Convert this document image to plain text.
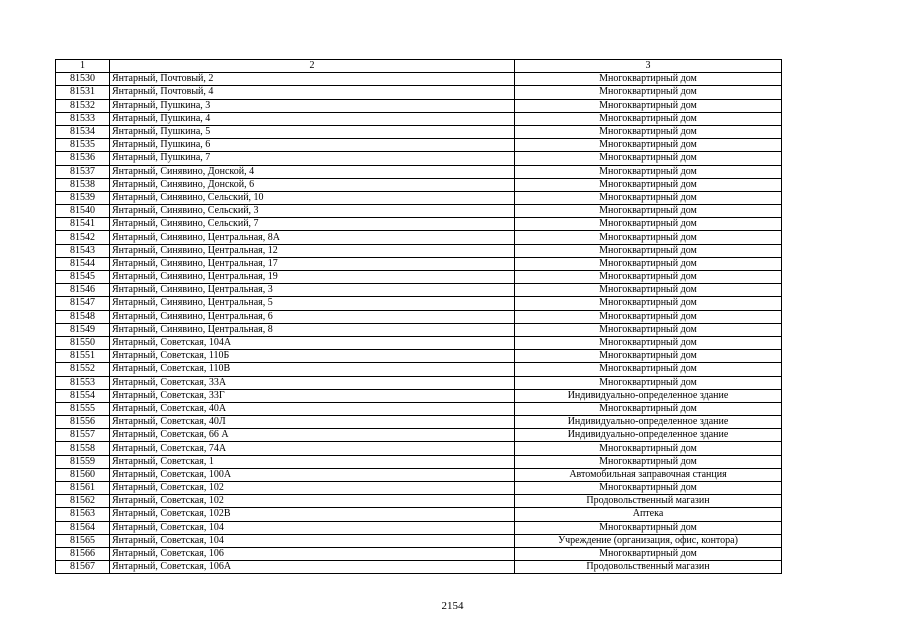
1	2	3
81530	Янтарный, Почтовый, 2	Многоквартирный дом
81531	Янтарный, Почтовый, 4	Многоквартирный дом
81532	Янтарный, Пушкина, 3	Многоквартирный дом
81533	Янтарный, Пушкина, 4	Многоквартирный дом
81534	Янтарный, Пушкина, 5	Многоквартирный дом
81535	Янтарный, Пушкина, 6	Многоквартирный дом
81536	Янтарный, Пушкина, 7	Многоквартирный дом
81537	Янтарный, Синявино, Донской, 4	Многоквартирный дом
81538	Янтарный, Синявино, Донской, 6	Многоквартирный дом
81539	Янтарный, Синявино, Сельский, 10	Многоквартирный дом
81540	Янтарный, Синявино, Сельский, 3	Многоквартирный дом
81541	Янтарный, Синявино, Сельский, 7	Многоквартирный дом
81542	Янтарный, Синявино, Центральная, 8А	Многоквартирный дом
81543	Янтарный, Синявино, Центральная, 12	Многоквартирный дом
81544	Янтарный, Синявино, Центральная, 17	Многоквартирный дом
81545	Янтарный, Синявино, Центральная, 19	Многоквартирный дом
81546	Янтарный, Синявино, Центральная, 3	Многоквартирный дом
81547	Янтарный, Синявино, Центральная, 5	Многоквартирный дом
81548	Янтарный, Синявино, Центральная, 6	Многоквартирный дом
81549	Янтарный, Синявино, Центральная, 8	Многоквартирный дом
81550	Янтарный, Советская, 104А	Многоквартирный дом
81551	Янтарный, Советская, 110Б	Многоквартирный дом
81552	Янтарный, Советская, 110В	Многоквартирный дом
81553	Янтарный, Советская, 33А	Многоквартирный дом
81554	Янтарный, Советская, 33Г	Индивидуально-определенное здание
81555	Янтарный, Советская, 40А	Многоквартирный дом
81556	Янтарный, Советская, 40Л	Индивидуально-определенное здание
81557	Янтарный, Советская, 66 А	Индивидуально-определенное здание
81558	Янтарный, Советская, 74А	Многоквартирный дом
81559	Янтарный, Советская, 1	Многоквартирный дом
81560	Янтарный, Советская, 100А	Автомобильная заправочная станция
81561	Янтарный, Советская, 102	Многоквартирный дом
81562	Янтарный, Советская, 102	Продовольственный магазин
81563	Янтарный, Советская, 102В	Аптека
81564	Янтарный, Советская, 104	Многоквартирный дом
81565	Янтарный, Советская, 104	Учреждение (организация, офис, контора)
81566	Янтарный, Советская, 106	Многоквартирный дом
81567	Янтарный, Советская, 106А	Продовольственный магазин
2154
